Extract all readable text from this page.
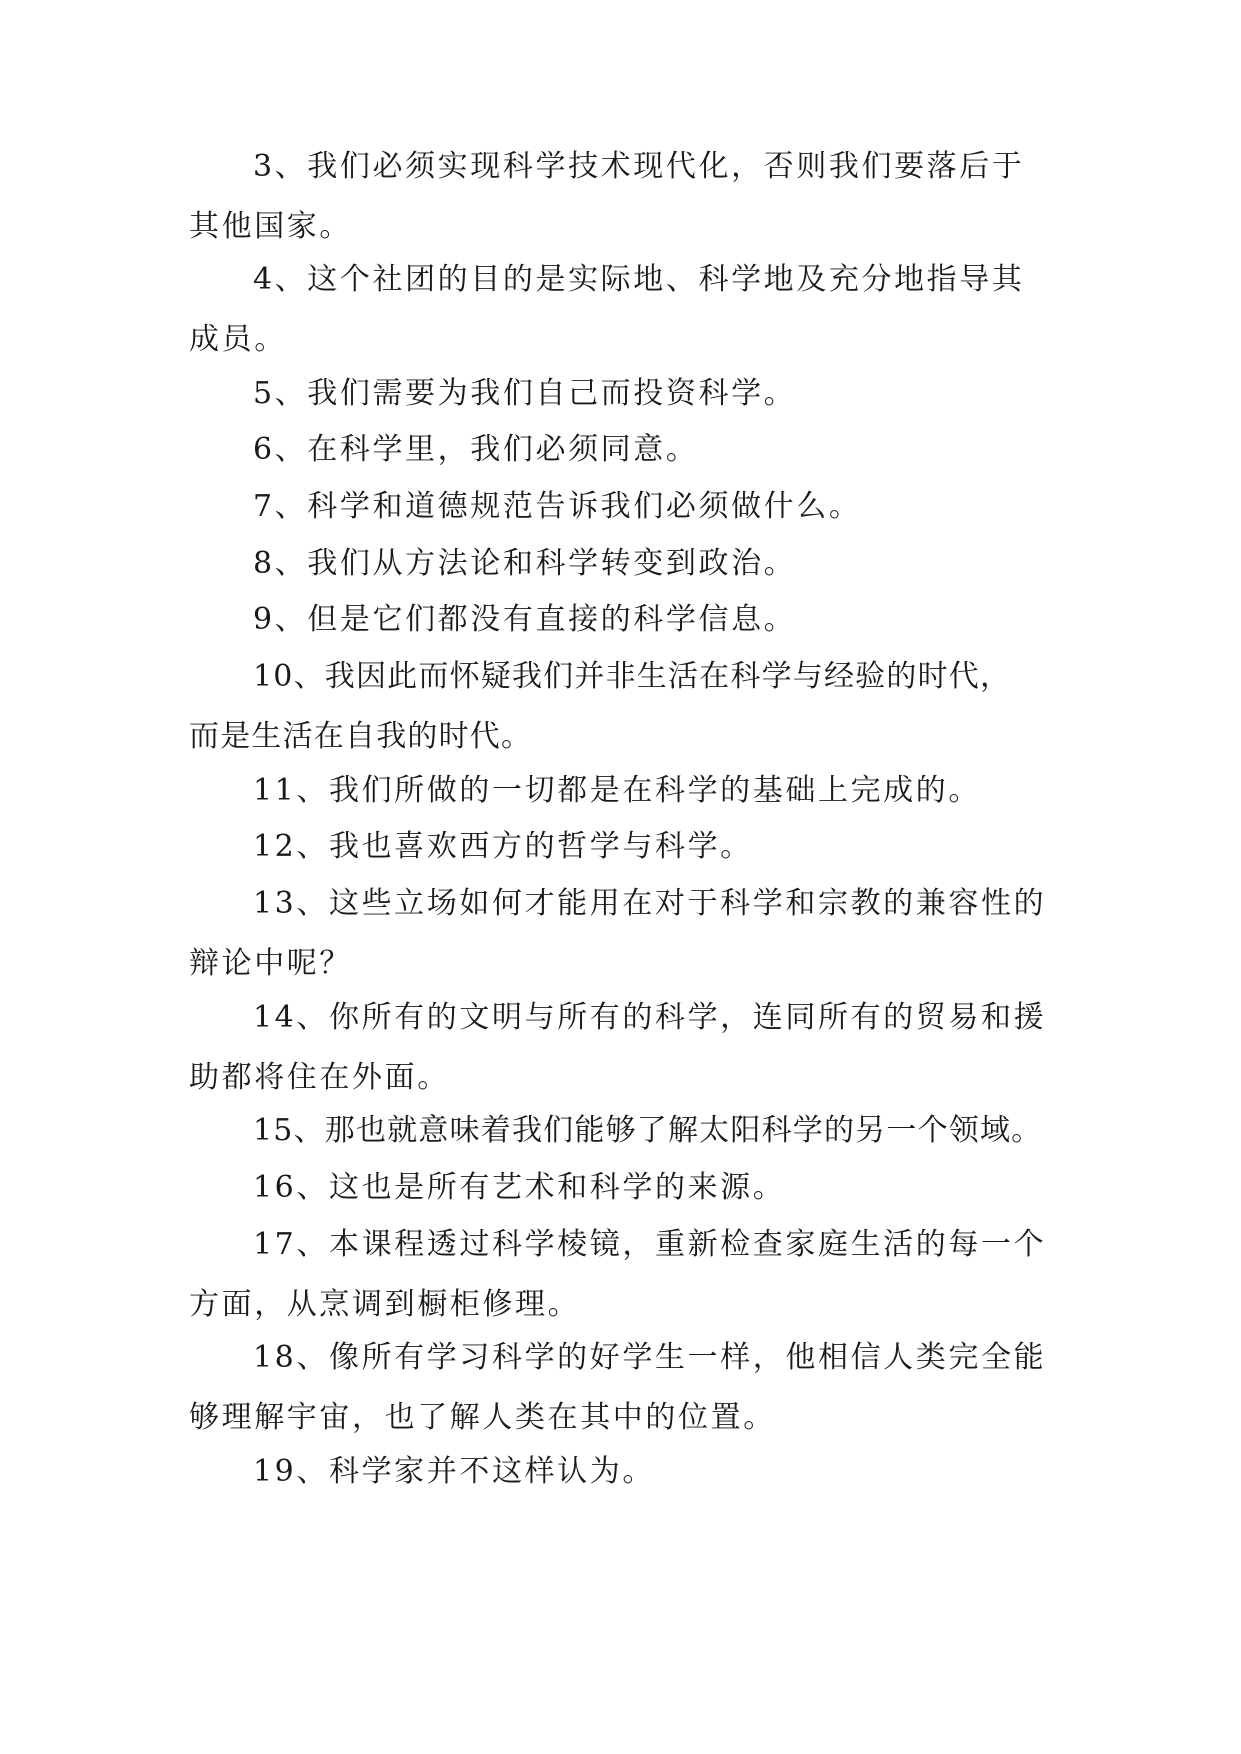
3、我们必须实现科学技术现代化，否则我们要落后于
其他国家。

4、这个社团的目的是实际地、科学地及充分地指导其
成员。

5、我们需要为我们自己而投资科学。

6、在科学里，我们必须同意。

7、科学和道德规范告诉我们必须做什么。

8、我们从方法论和科学转变到政治。

9、但是它们都没有直接的科学信息。

10、我因此而怀疑我们并非生活在科学与经验的时代，
而是生活在自我的时代。

11、我们所做的一切都是在科学的基础上完成的。

12、我也喜欢西方的哲学与科学。

13、这些立场如何才能用在对于科学和宗教的兼容性的
辩论中呢？

14、你所有的文明与所有的科学，连同所有的贸易和援
助都将住在外面。

15、那也就意味着我们能够了解太阳科学的另一个领域。

16、这也是所有艺术和科学的来源。

17、本课程透过科学棱镜，重新检查家庭生活的每一个
方面，从烹调到橱柜修理。

18、像所有学习科学的好学生一样，他相信人类完全能
够理解宇宙，也了解人类在其中的位置。

19、科学家并不这样认为。
